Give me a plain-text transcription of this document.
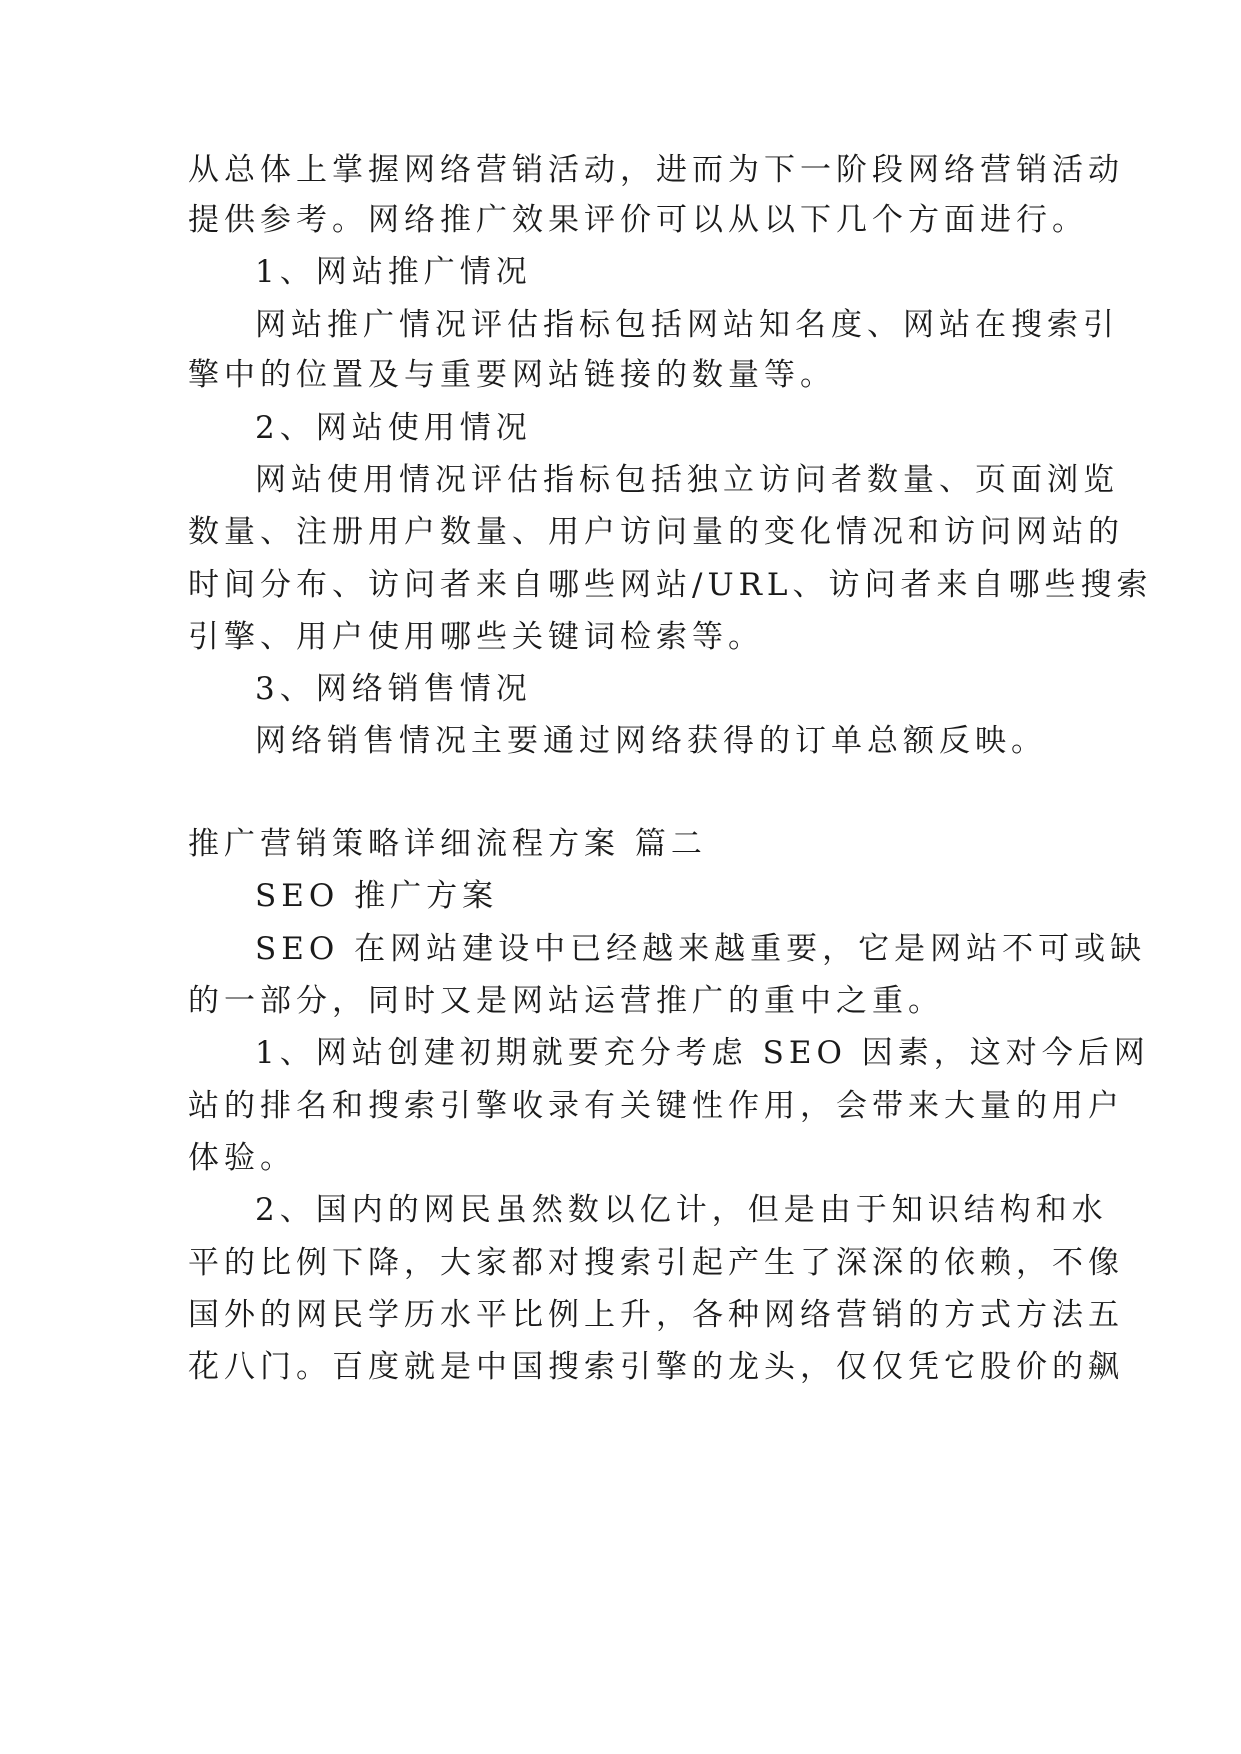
从总体上掌握网络营销活动，进而为下一阶段网络营销活动
提供参考。网络推广效果评价可以从以下几个方面进行。
1、网站推广情况
网站推广情况评估指标包括网站知名度、网站在搜索引
擎中的位置及与重要网站链接的数量等。
2、网站使用情况
网站使用情况评估指标包括独立访问者数量、页面浏览
数量、注册用户数量、用户访问量的变化情况和访问网站的
时间分布、访问者来自哪些网站/URL、访问者来自哪些搜索
引擎、用户使用哪些关键词检索等。
3、网络销售情况
网络销售情况主要通过网络获得的订单总额反映。
推广营销策略详细流程方案 篇二
SEO 推广方案
SEO 在网站建设中已经越来越重要，它是网站不可或缺
的一部分，同时又是网站运营推广的重中之重。
1、网站创建初期就要充分考虑 SEO 因素，这对今后网
站的排名和搜索引擎收录有关键性作用，会带来大量的用户
体验。
2、国内的网民虽然数以亿计，但是由于知识结构和水
平的比例下降，大家都对搜索引起产生了深深的依赖，不像
国外的网民学历水平比例上升，各种网络营销的方式方法五
花八门。百度就是中国搜索引擎的龙头，仅仅凭它股价的飙
